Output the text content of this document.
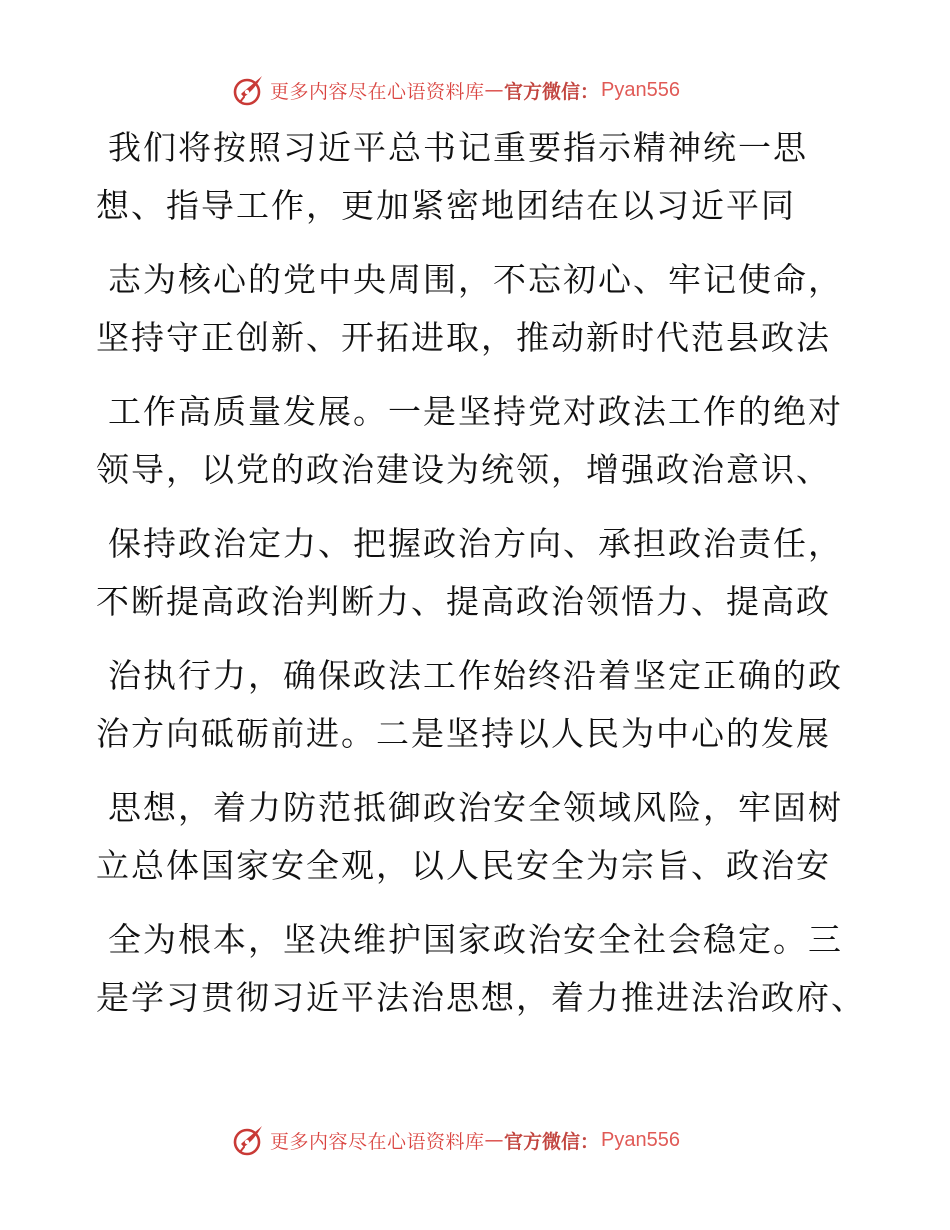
更多内容尽在心语资料库 — 官方微信： Pyan556
我们将按照习近平总书记重要指示精神统一思
想、指导工作，更加紧密地团结在以习近平同
志为核心的党中央周围，不忘初心、牢记使命，
坚持守正创新、开拓进取，推动新时代范县政法
工作高质量发展。一是坚持党对政法工作的绝对
领导，以党的政治建设为统领，增强政治意识、
保持政治定力、把握政治方向、承担政治责任，
不断提高政治判断力、提高政治领悟力、提高政
治执行力，确保政法工作始终沿着坚定正确的政
治方向砥砺前进。二是坚持以人民为中心的发展
思想，着力防范抵御政治安全领域风险，牢固树
立总体国家安全观，以人民安全为宗旨、政治安
全为根本，坚决维护国家政治安全社会稳定。三
是学习贯彻习近平法治思想，着力推进法治政府、
更多内容尽在心语资料库 — 官方微信： Pyan556
